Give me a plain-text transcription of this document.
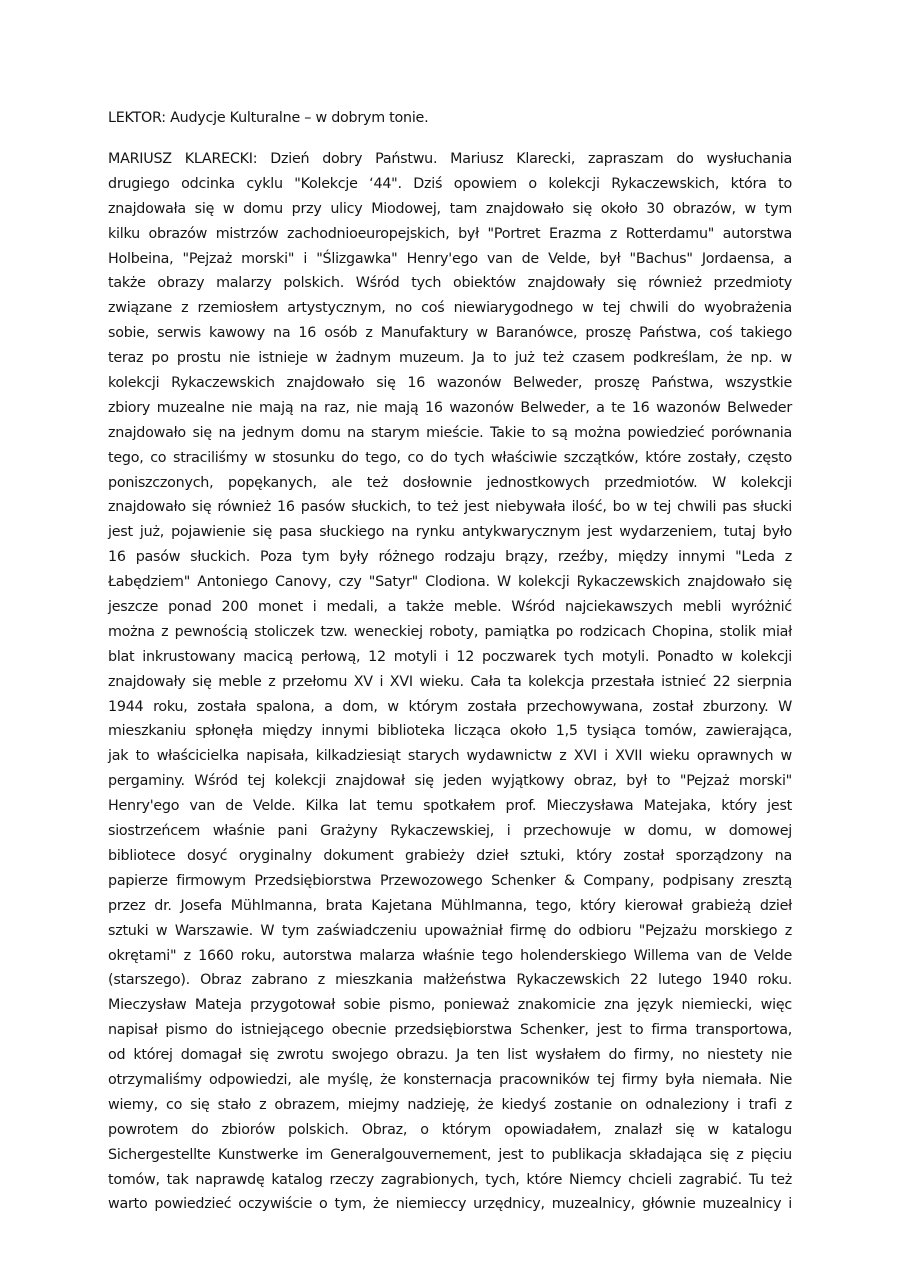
LEKTOR: Audycje Kulturalne – w dobrym tonie.
MARIUSZ KLARECKI: Dzień dobry Państwu. Mariusz Klarecki, zapraszam do wysłuchania
drugiego odcinka cyklu "Kolekcje ‘44". Dziś opowiem o kolekcji Rykaczewskich, która to
znajdowała się w domu przy ulicy Miodowej, tam znajdowało się około 30 obrazów, w tym
kilku obrazów mistrzów zachodnioeuropejskich, był "Portret Erazma z Rotterdamu" autorstwa
Holbeina, "Pejzaż morski" i "Ślizgawka" Henry'ego van de Velde, był "Bachus" Jordaensa, a
także obrazy malarzy polskich. Wśród tych obiektów znajdowały się również przedmioty
związane z rzemiosłem artystycznym, no coś niewiarygodnego w tej chwili do wyobrażenia
sobie, serwis kawowy na 16 osób z Manufaktury w Baranówce, proszę Państwa, coś takiego
teraz po prostu nie istnieje w żadnym muzeum. Ja to już też czasem podkreślam, że np. w
kolekcji Rykaczewskich znajdowało się 16 wazonów Belweder, proszę Państwa, wszystkie
zbiory muzealne nie mają na raz, nie mają 16 wazonów Belweder, a te 16 wazonów Belweder
znajdowało się na jednym domu na starym mieście. Takie to są można powiedzieć porównania
tego, co straciliśmy w stosunku do tego, co do tych właściwie szczątków, które zostały, często
poniszczonych, popękanych, ale też dosłownie jednostkowych przedmiotów. W kolekcji
znajdowało się również 16 pasów słuckich, to też jest niebywała ilość, bo w tej chwili pas słucki
jest już, pojawienie się pasa słuckiego na rynku antykwarycznym jest wydarzeniem, tutaj było
16 pasów słuckich. Poza tym były różnego rodzaju brązy, rzeźby, między innymi "Leda z
Łabędziem" Antoniego Canovy, czy "Satyr" Clodiona. W kolekcji Rykaczewskich znajdowało się
jeszcze ponad 200 monet i medali, a także meble. Wśród najciekawszych mebli wyróżnić
można z pewnością stoliczek tzw. weneckiej roboty, pamiątka po rodzicach Chopina, stolik miał
blat inkrustowany macicą perłową, 12 motyli i 12 poczwarek tych motyli. Ponadto w kolekcji
znajdowały się meble z przełomu XV i XVI wieku. Cała ta kolekcja przestała istnieć 22 sierpnia
1944 roku, została spalona, a dom, w którym została przechowywana, został zburzony. W
mieszkaniu spłonęła między innymi biblioteka licząca około 1,5 tysiąca tomów, zawierająca,
jak to właścicielka napisała, kilkadziesiąt starych wydawnictw z XVI i XVII wieku oprawnych w
pergaminy. Wśród tej kolekcji znajdował się jeden wyjątkowy obraz, był to "Pejzaż morski"
Henry'ego van de Velde. Kilka lat temu spotkałem prof. Mieczysława Matejaka, który jest
siostrzeńcem właśnie pani Grażyny Rykaczewskiej, i przechowuje w domu, w domowej
bibliotece dosyć oryginalny dokument grabieży dzieł sztuki, który został sporządzony na
papierze firmowym Przedsiębiorstwa Przewozowego Schenker & Company, podpisany zresztą
przez dr. Josefa Mühlmanna, brata Kajetana Mühlmanna, tego, który kierował grabieżą dzieł
sztuki w Warszawie. W tym zaświadczeniu upoważniał firmę do odbioru "Pejzażu morskiego z
okrętami" z 1660 roku, autorstwa malarza właśnie tego holenderskiego Willema van de Velde
(starszego). Obraz zabrano z mieszkania małżeństwa Rykaczewskich 22 lutego 1940 roku.
Mieczysław Mateja przygotował sobie pismo, ponieważ znakomicie zna język niemiecki, więc
napisał pismo do istniejącego obecnie przedsiębiorstwa Schenker, jest to firma transportowa,
od której domagał się zwrotu swojego obrazu. Ja ten list wysłałem do firmy, no niestety nie
otrzymaliśmy odpowiedzi, ale myślę, że konsternacja pracowników tej firmy była niemała. Nie
wiemy, co się stało z obrazem, miejmy nadzieję, że kiedyś zostanie on odnaleziony i trafi z
powrotem do zbiorów polskich. Obraz, o którym opowiadałem, znalazł się w katalogu
Sichergestellte Kunstwerke im Generalgouvernement, jest to publikacja składająca się z pięciu
tomów, tak naprawdę katalog rzeczy zagrabionych, tych, które Niemcy chcieli zagrabić. Tu też
warto powiedzieć oczywiście o tym, że niemieccy urzędnicy, muzealnicy, głównie muzealnicy i
